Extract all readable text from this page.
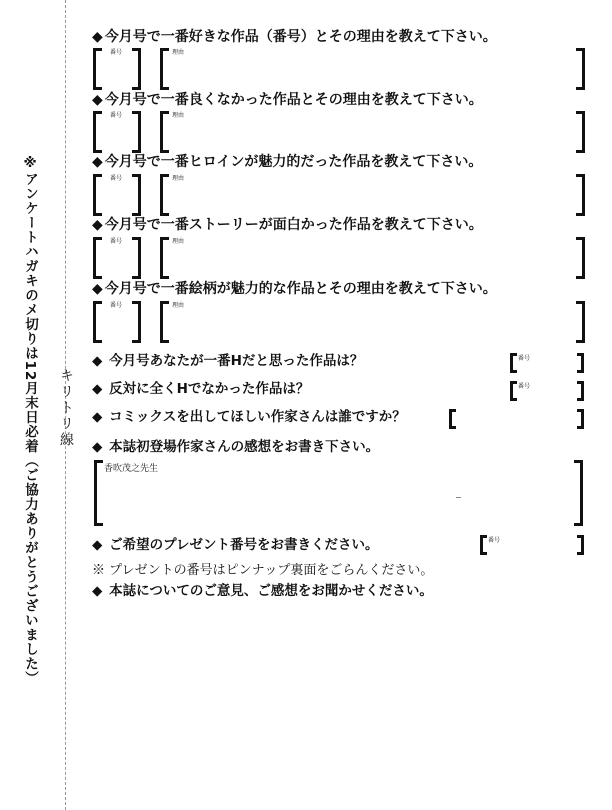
※アンケートハガキのメ切りは12月末日必着（ご協力ありがとうございました） キリトリ線
◆ 今月号で一番好きな作品（番号）とその理由を教えて下さい。
番号	理由
◆ 今月号で一番良くなかった作品とその理由を教えて下さい。
番号	理由
◆ 今月号で一番ヒロインが魅力的だった作品を教えて下さい。
番号	理由
◆ 今月号で一番ストーリーが面白かった作品を教えて下さい。
番号	理由
◆ 今月号で一番絵柄が魅力的な作品とその理由を教えて下さい。
番号	理由
◆ 今月号あなたが一番Hだと思った作品は？	番号
◆ 反対に全くHでなかった作品は？	番号
◆ コミックスを出してほしい作家さんは誰ですか？
◆ 本誌初登場作家さんの感想をお書き下さい。
香吹茂之先生
◆ ご希望のプレゼント番号をお書きください。	番号
※ プレゼントの番号はピンナップ裏面をごらんください。
◆ 本誌についてのご意見、ご感想をお聞かせください。
